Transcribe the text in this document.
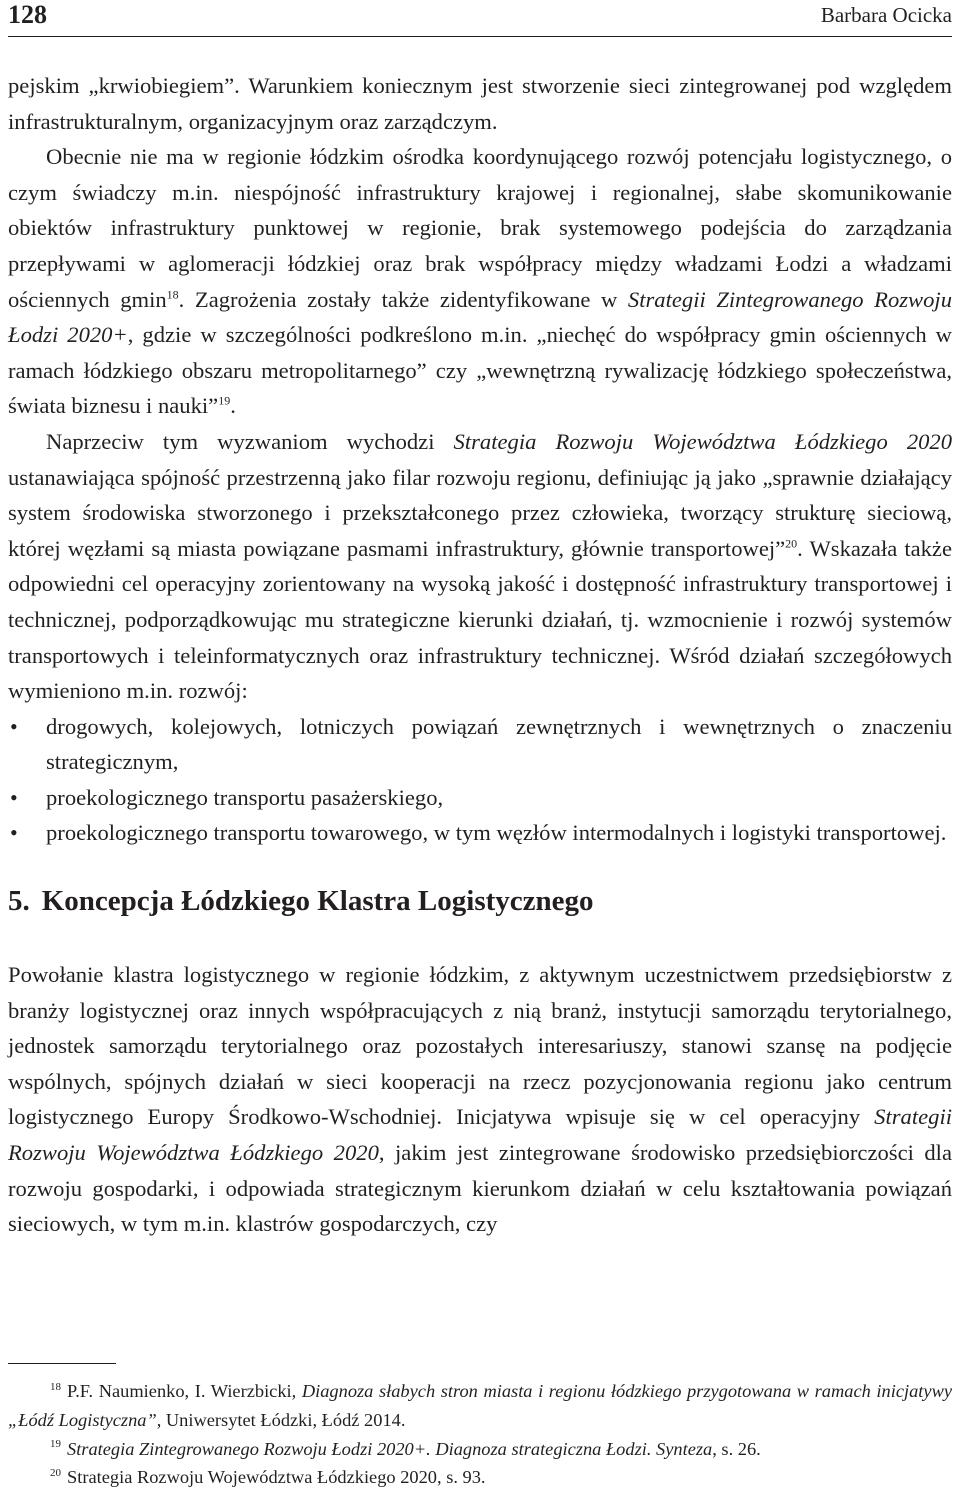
128	Barbara Ocicka

pejskim „krwiobiegiem”. Warunkiem koniecznym jest stworzenie sieci zintegrowanej pod względem infrastrukturalnym, organizacyjnym oraz zarządczym.

Obecnie nie ma w regionie łódzkim ośrodka koordynującego rozwój potencjału logistycznego, o czym świadczy m.in. niespójność infrastruktury krajowej i regionalnej, słabe skomunikowanie obiektów infrastruktury punktowej w regionie, brak systemowego podejścia do zarządzania przepływami w aglomeracji łódzkiej oraz brak współpracy między władzami Łodzi a władzami ościennych gmin$^{18}$. Zagrożenia zostały także zidentyfikowane w Strategii Zintegrowanego Rozwoju Łodzi 2020+, gdzie w szczególności podkreślono m.in. „niechęć do współpracy gmin ościennych w ramach łódzkiego obszaru metropolitarnego” czy „wewnętrzną rywalizację łódzkiego społeczeństwa, świata biznesu i nauki”$^{19}$.

Naprzeciw tym wyzwaniom wychodzi Strategia Rozwoju Województwa Łódzkiego 2020 ustanawiająca spójność przestrzenną jako filar rozwoju regionu, definiując ją jako „sprawnie działający system środowiska stworzonego i przekształconego przez człowieka, tworzący strukturę sieciową, której węzłami są miasta powiązane pasmami infrastruktury, głównie transportowej”$^{20}$. Wskazała także odpowiedni cel operacyjny zorientowany na wysoką jakość i dostępność infrastruktury transportowej i technicznej, podporządkowując mu strategiczne kierunki działań, tj. wzmocnienie i rozwój systemów transportowych i teleinformatycznych oraz infrastruktury technicznej. Wśród działań szczegółowych wymieniono m.in. rozwój:

• drogowych, kolejowych, lotniczych powiązań zewnętrznych i wewnętrznych o znaczeniu strategicznym,
• proekologicznego transportu pasażerskiego,
• proekologicznego transportu towarowego, w tym węzłów intermodalnych i logistyki transportowej.
5. Koncepcja Łódzkiego Klastra Logistycznego

Powołanie klastra logistycznego w regionie łódzkim, z aktywnym uczestnictwem przedsiębiorstw z branży logistycznej oraz innych współpracujących z nią branż, instytucji samorządu terytorialnego, jednostek samorządu terytorialnego oraz pozostałych interesariuszy, stanowi szansę na podjęcie wspólnych, spójnych działań w sieci kooperacji na rzecz pozycjonowania regionu jako centrum logistycznego Europy Środkowo-Wschodniej. Inicjatywa wpisuje się w cel operacyjny Strategii Rozwoju Województwa Łódzkiego 2020, jakim jest zintegrowane środowisko przedsiębiorczości dla rozwoju gospodarki, i odpowiada strategicznym kierunkom działań w celu kształtowania powiązań sieciowych, w tym m.in. klastrów gospodarczych, czy

$^{18}$ P.F. Naumienko, I. Wierzbicki, Diagnoza słabych stron miasta i regionu łódzkiego przygotowana w ramach inicjatywy „Łódź Logistyczna”, Uniwersytet Łódzki, Łódź 2014.

$^{19}$ Strategia Zintegrowanego Rozwoju Łodzi 2020+. Diagnoza strategiczna Łodzi. Synteza, s. 26.

$^{20}$ Strategia Rozwoju Województwa Łódzkiego 2020, s. 93.
